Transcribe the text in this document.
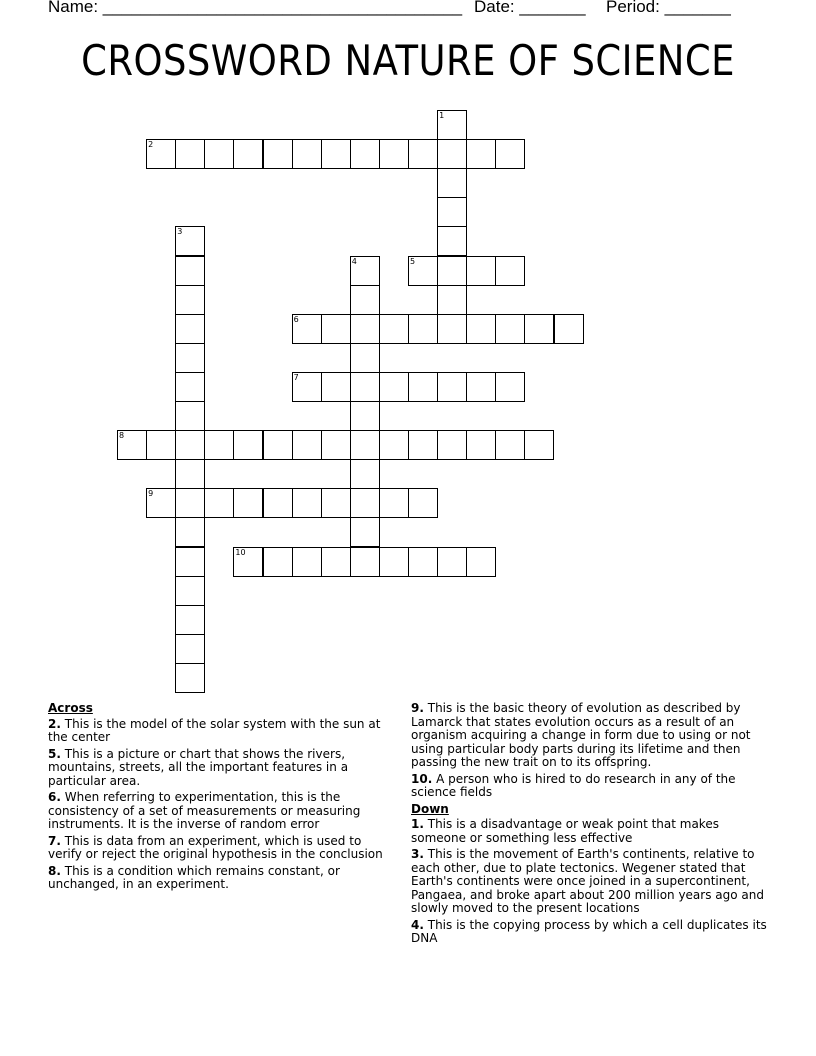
Name: ______________________________________ Date: _______ Period: _______
CROSSWORD NATURE OF SCIENCE
1
2
3
4	5
6
7
8
9
10
Across
2. This is the model of the solar system with the sun at the center
5. This is a picture or chart that shows the rivers, mountains, streets, all the important features in a particular area.
6. When referring to experimentation, this is the consistency of a set of measurements or measuring instruments. It is the inverse of random error
7. This is data from an experiment, which is used to verify or reject the original hypothesis in the conclusion
8. This is a condition which remains constant, or unchanged, in an experiment.
9. This is the basic theory of evolution as described by Lamarck that states evolution occurs as a result of an organism acquiring a change in form due to using or not using particular body parts during its lifetime and then passing the new trait on to its offspring.
10. A person who is hired to do research in any of the science fields
Down
1. This is a disadvantage or weak point that makes someone or something less effective
3. This is the movement of Earth's continents, relative to each other, due to plate tectonics. Wegener stated that Earth's continents were once joined in a supercontinent, Pangaea, and broke apart about 200 million years ago and slowly moved to the present locations
4. This is the copying process by which a cell duplicates its DNA
